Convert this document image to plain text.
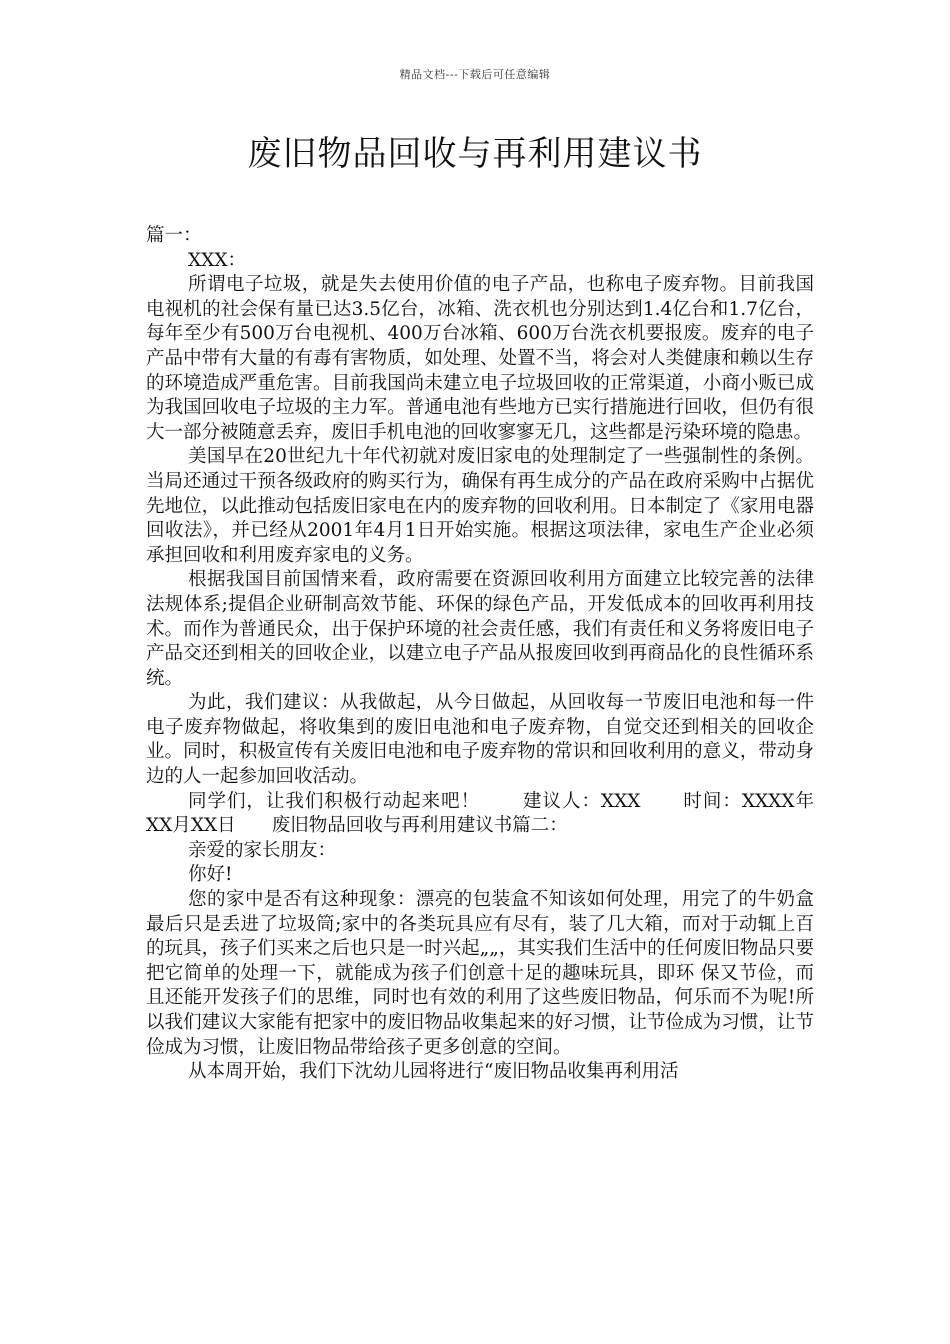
精品文档---下载后可任意编辑
废旧物品回收与再利用建议书

篇一：

XXX：

所谓电子垃圾，就是失去使用价值的电子产品，也称电子废弃物。目前我国电视机的社会保有量已达3.5亿台，冰箱、洗衣机也分别达到1.4亿台和1.7亿台，每年至少有500万台电视机、400万台冰箱、600万台洗衣机要报废。废弃的电子产品中带有大量的有毒有害物质，如处理、处置不当，将会对人类健康和赖以生存的环境造成严重危害。目前我国尚未建立电子垃圾回收的正常渠道，小商小贩已成为我国回收电子垃圾的主力军。普通电池有些地方已实行措施进行回收，但仍有很大一部分被随意丢弃，废旧手机电池的回收寥寥无几，这些都是污染环境的隐患。

美国早在20世纪九十年代初就对废旧家电的处理制定了一些强制性的条例。当局还通过干预各级政府的购买行为，确保有再生成分的产品在政府采购中占据优先地位，以此推动包括废旧家电在内的废弃物的回收利用。日本制定了《家用电器回收法》，并已经从2001年4月1日开始实施。根据这项法律，家电生产企业必须承担回收和利用废弃家电的义务。

根据我国目前国情来看，政府需要在资源回收利用方面建立比较完善的法律法规体系;提倡企业研制高效节能、环保的绿色产品，开发低成本的回收再利用技术。而作为普通民众，出于保护环境的社会责任感，我们有责任和义务将废旧电子产品交还到相关的回收企业，以建立电子产品从报废回收到再商品化的良性循环系统。

为此，我们建议：从我做起，从今日做起，从回收每一节废旧电池和每一件电子废弃物做起，将收集到的废旧电池和电子废弃物，自觉交还到相关的回收企业。同时，积极宣传有关废旧电池和电子废弃物的常识和回收利用的意义，带动身边的人一起参加回收活动。

同学们，让我们积极行动起来吧！ 建议人：XXX 时间：XXXX年XX月XX日 废旧物品回收与再利用建议书篇二：

亲爱的家长朋友：

你好!

您的家中是否有这种现象：漂亮的包装盒不知该如何处理，用完了的牛奶盒最后只是丢进了垃圾筒;家中的各类玩具应有尽有，装了几大箱，而对于动辄上百的玩具，孩子们买来之后也只是一时兴起„„，其实我们生活中的任何废旧物品只要把它简单的处理一下，就能成为孩子们创意十足的趣味玩具，即环 保又节俭，而且还能开发孩子们的思维，同时也有效的利用了这些废旧物品，何乐而不为呢!所以我们建议大家能有把家中的废旧物品收集起来的好习惯，让节俭成为习惯，让节俭成为习惯，让废旧物品带给孩子更多创意的空间。

从本周开始，我们下沈幼儿园将进行“废旧物品收集再利用活
